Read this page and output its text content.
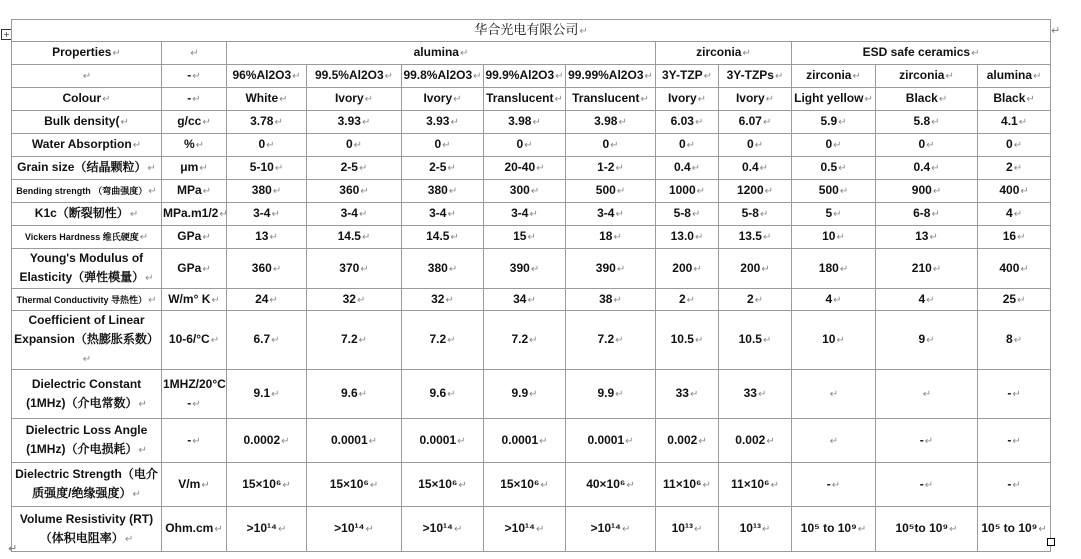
+	↵
华合光电有限公司↵											
Properties↵	↵	alumina↵					zirconia↵		ESD safe ceramics↵		
↵	-↵	96%Al2O3↵	99.5%Al2O3↵	99.8%Al2O3↵	99.9%Al2O3↵	99.99%Al2O3↵	3Y-TZP↵	3Y-TZPs↵	zirconia↵	zirconia↵	alumina↵
Colour↵	-↵	White↵	Ivory↵	Ivory↵	Translucent↵	Translucent↵	Ivory↵	Ivory↵	Light yellow↵	Black↵	Black↵
Bulk density(↵	g/cc↵	3.78↵	3.93↵	3.93↵	3.98↵	3.98↵	6.03↵	6.07↵	5.9↵	5.8↵	4.1↵
Water Absorption↵	%↵	0↵	0↵	0↵	0↵	0↵	0↵	0↵	0↵	0↵	0↵
Grain size（结晶颗粒）↵	μm↵	5-10↵	2-5↵	2-5↵	20-40↵	1-2↵	0.4↵	0.4↵	0.5↵	0.4↵	2↵
Bending strength （弯曲强度）↵	MPa↵	380↵	360↵	380↵	300↵	500↵	1000↵	1200↵	500↵	900↵	400↵
K1c（断裂韧性）↵	MPa.m1/2↵	3-4↵	3-4↵	3-4↵	3-4↵	3-4↵	5-8↵	5-8↵	5↵	6-8↵	4↵
Vickers Hardness 维氏硬度↵	GPa↵	13↵	14.5↵	14.5↵	15↵	18↵	13.0↵	13.5↵	10↵	13↵	16↵
Young's Modulus of Elasticity（弹性模量）↵	GPa↵	360↵	370↵	380↵	390↵	390↵	200↵	200↵	180↵	210↵	400↵
Thermal Conductivity 导热性）↵	W/m° K↵	24↵	32↵	32↵	34↵	38↵	2↵	2↵	4↵	4↵	25↵
Coefficient of Linear Expansion（热膨胀系数）↵	10-6/°C↵	6.7↵	7.2↵	7.2↵	7.2↵	7.2↵	10.5↵	10.5↵	10↵	9↵	8↵
Dielectric Constant (1MHz)（介电常数）↵	1MHZ/20°C -↵	9.1↵	9.6↵	9.6↵	9.9↵	9.9↵	33↵	33↵	↵	↵	-↵
Dielectric Loss Angle (1MHz)（介电损耗）↵	-↵	0.0002↵	0.0001↵	0.0001↵	0.0001↵	0.0001↵	0.002↵	0.002↵	↵	-↵	-↵
Dielectric Strength（电介质强度/绝缘强度）↵	V/m↵	15×10⁶↵	15×10⁶↵	15×10⁶↵	15×10⁶↵	40×10⁶↵	11×10⁶↵	11×10⁶↵	-↵	-↵	-↵
Volume Resistivity (RT)（体积电阻率）↵	Ohm.cm↵	>10¹⁴↵	>10¹⁴↵	>10¹⁴↵	>10¹⁴↵	>10¹⁴↵	10¹³↵	10¹³↵	10⁵ to 10⁹↵	10⁵to 10⁹↵	10⁵ to 10⁹↵
↵
